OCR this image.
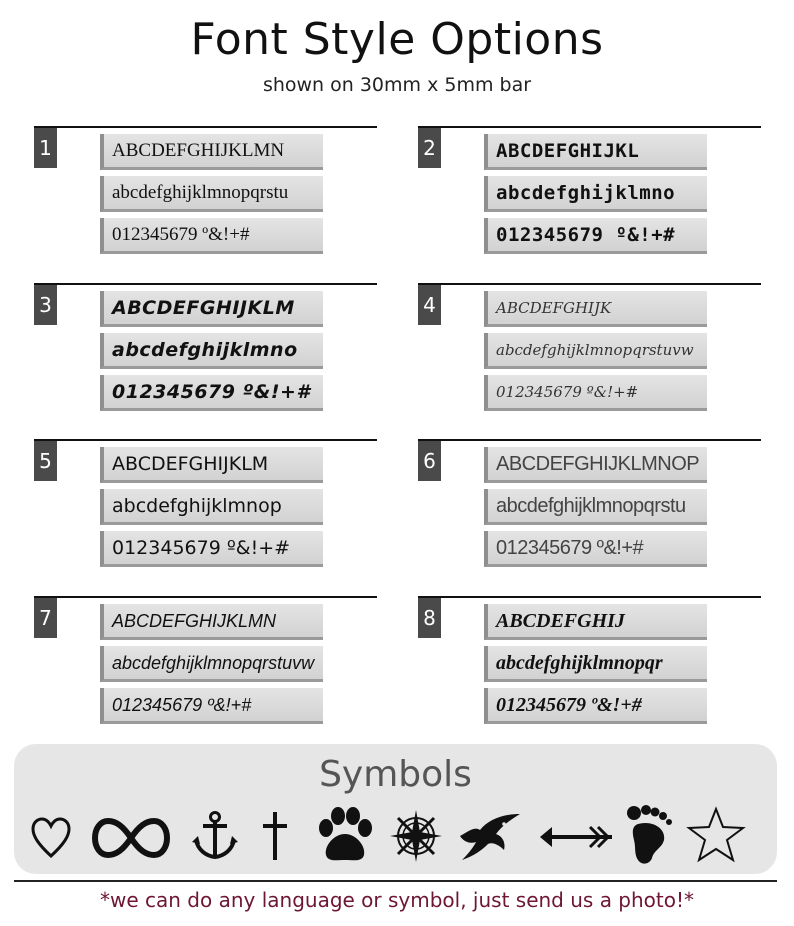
Font Style Options
shown on 30mm x 5mm bar
1	ABCDEFGHIJKLMN
abcdefghijklmnopqrstu
012345679 º&!+#
2	ABCDEFGHIJKL
abcdefghijklmno
012345679 º&!+#
3	ABCDEFGHIJKLM
abcdefghijklmno
012345679 º&!+#
4	ABCDEFGHIJK
abcdefghijklmnopqrstuvw
012345679 º&!+#
5	ABCDEFGHIJKLM
abcdefghijklmnop
012345679 º&!+#
6	ABCDEFGHIJKLMNOP
abcdefghijklmnopqrstu
012345679 º&!+#
7	ABCDEFGHIJKLMN
abcdefghijklmnopqrstuvw
012345679 º&!+#
8	ABCDEFGHIJ
abcdefghijklmnopqr
012345679 º&!+#
Symbols
*we can do any language or symbol, just send us a photo!*
